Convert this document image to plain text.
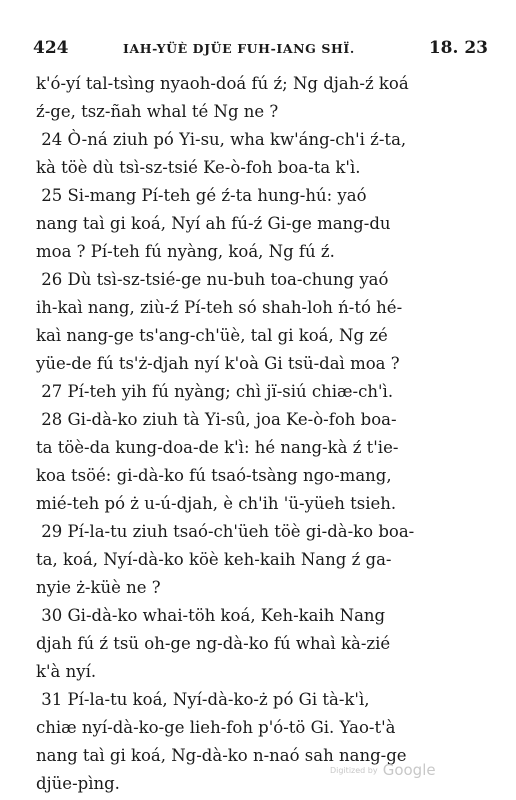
424	IAH-YÜÈ DJÜE FUH-IANG SHÏ.	18. 23
k'ó-yí tal-tsìng nyaoh-doá fú ź; Ng djah-ź koá
ź-ge, tsz-ñah whal té Ng ne ?
24 Ò-ná ziuh pó Yi-su, wha kw'áng-ch'i ź-ta,
kà töè dù tsì-sz-tsié Ke-ò-foh boa-ta k'ì.
25 Si-mang Pí-teh gé ź-ta hung-hú: yaó
nang taì gi koá, Nyí ah fú-ź Gi-ge mang-du
moa ? Pí-teh fú nyàng, koá, Ng fú ź.
26 Dù tsì-sz-tsié-ge nu-buh toa-chung yaó
ih-kaì nang, ziù-ź Pí-teh só shah-loh ń-tó hé-
kaì nang-ge ts'ang-ch'üè, tal gi koá, Ng zé
yüe-de fú ts'ż-djah nyí k'oà Gi tsü-daì moa ?
27 Pí-teh yih fú nyàng; chì jï-siú chiæ-ch'ì.
28 Gi-dà-ko ziuh tà Yi-sû, joa Ke-ò-foh boa-
ta töè-da kung-doa-de k'ì: hé nang-kà ź t'ie-
koa tsöé: gi-dà-ko fú tsaó-tsàng ngo-mang,
mié-teh pó ż u-ú-djah, è ch'ih 'ü-yüeh tsieh.
29 Pí-la-tu ziuh tsaó-ch'üeh töè gi-dà-ko boa-
ta, koá, Nyí-dà-ko köè keh-kaih Nang ź ga-
nyie ż-küè ne ?
30 Gi-dà-ko whai-töh koá, Keh-kaih Nang
djah fú ź tsü oh-ge ng-dà-ko fú whaì kà-zié
k'à nyí.
31 Pí-la-tu koá, Nyí-dà-ko-ż pó Gi tà-k'ì,
chiæ nyí-dà-ko-ge lieh-foh p'ó-tö Gi. Yao-t'à
nang taì gi koá, Ng-dà-ko n-naó sah nang-ge
djüe-pìng.
Digitized by Google
